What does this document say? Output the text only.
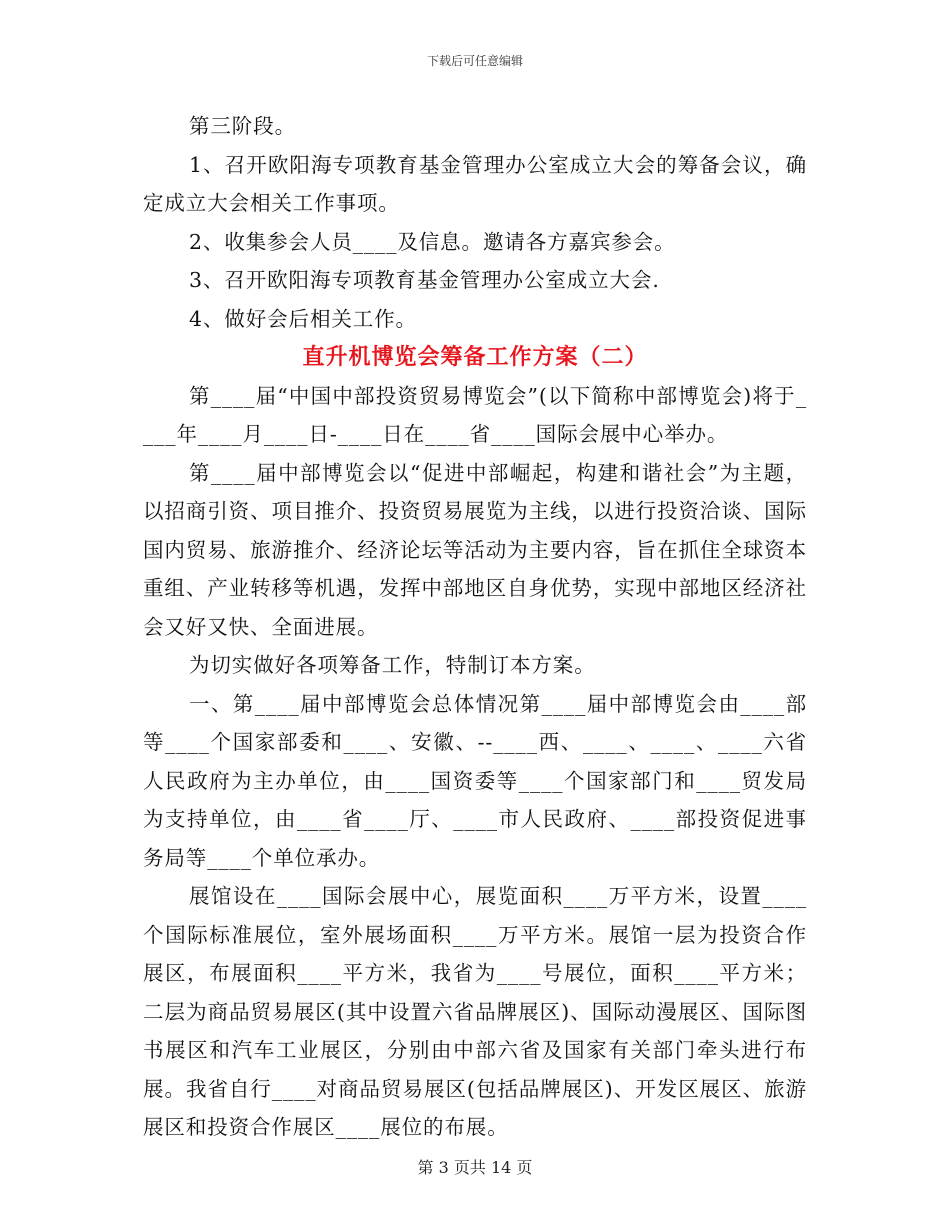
下载后可任意编辑

第三阶段。

1、召开欧阳海专项教育基金管理办公室成立大会的筹备会议，确定成立大会相关工作事项。

2、收集参会人员____及信息。邀请各方嘉宾参会。

3、召开欧阳海专项教育基金管理办公室成立大会.

4、做好会后相关工作。

直升机博览会筹备工作方案（二）

第____届“中国中部投资贸易博览会”(以下简称中部博览会)将于____年____月____日-____日在____省____国际会展中心举办。

第____届中部博览会以“促进中部崛起，构建和谐社会”为主题，以招商引资、项目推介、投资贸易展览为主线，以进行投资洽谈、国际国内贸易、旅游推介、经济论坛等活动为主要内容，旨在抓住全球资本重组、产业转移等机遇，发挥中部地区自身优势，实现中部地区经济社会又好又快、全面进展。

为切实做好各项筹备工作，特制订本方案。

一、第____届中部博览会总体情况第____届中部博览会由____部等____个国家部委和____、安徽、--____西、____、____、____六省人民政府为主办单位，由____国资委等____个国家部门和____贸发局为支持单位，由____省____厅、____市人民政府、____部投资促进事务局等____个单位承办。

展馆设在____国际会展中心，展览面积____万平方米，设置____个国际标准展位，室外展场面积____万平方米。展馆一层为投资合作展区，布展面积____平方米，我省为____号展位，面积____平方米；二层为商品贸易展区(其中设置六省品牌展区)、国际动漫展区、国际图书展区和汽车工业展区，分别由中部六省及国家有关部门牵头进行布展。我省自行____对商品贸易展区(包括品牌展区)、开发区展区、旅游展区和投资合作展区____展位的布展。

第 3 页共 14 页
